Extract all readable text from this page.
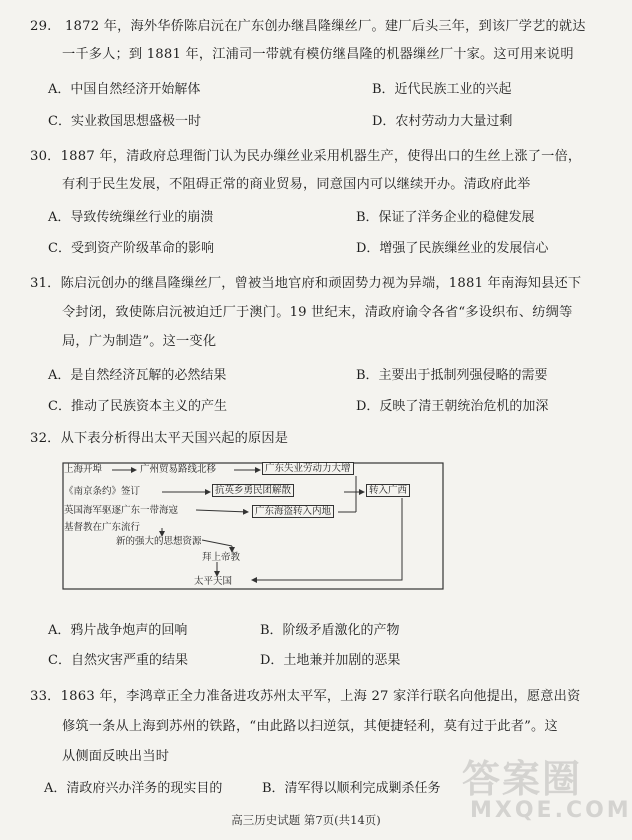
29.　1872 年，海外华侨陈启沅在广东创办继昌隆缫丝厂。建厂后头三年，到该厂学艺的就达
一千多人；到 1881 年，江浦司一带就有模仿继昌隆的机器缫丝厂十家。这可用来说明
A．中国自然经济开始解体	B．近代民族工业的兴起
C．实业救国思想盛极一时	D．农村劳动力大量过剩
30．1887 年，清政府总理衙门认为民办缫丝业采用机器生产，使得出口的生丝上涨了一倍，
有利于民生发展，不阻碍正常的商业贸易，同意国内可以继续开办。清政府此举
A．导致传统缫丝行业的崩溃	B．保证了洋务企业的稳健发展
C．受到资产阶级革命的影响	D．增强了民族缫丝业的发展信心
31．陈启沅创办的继昌隆缫丝厂，曾被当地官府和顽固势力视为异端，1881 年南海知县还下
令封闭，致使陈启沅被迫迁厂于澳门。19 世纪末，清政府谕令各省“多设织布、纺绸等
局，广为制造”。这一变化
A．是自然经济瓦解的必然结果	B．主要出于抵制列强侵略的需要
C．推动了民族资本主义的产生	D．反映了清王朝统治危机的加深
32．从下表分析得出太平天国兴起的原因是
上海开埠	广州贸易路线北移	广东失业劳动力大增
《南京条约》签订	抗英乡勇民团解散	转入广西
英国海军驱逐广东一带海寇	广东海盗转入内地
基督教在广东流行
新的强大的思想资源
拜上帝教
太平天国
A．鸦片战争炮声的回响	B．阶级矛盾激化的产物
C．自然灾害严重的结果	D．土地兼并加剧的恶果
33．1863 年，李鸿章正全力准备进攻苏州太平军，上海 27 家洋行联名向他提出，愿意出资
修筑一条从上海到苏州的铁路，“由此路以扫逆氛，其便捷轻利，莫有过于此者”。这
从侧面反映出当时
A．清政府兴办洋务的现实目的	B．清军得以顺利完成剿杀任务
高三历史试题 第7页(共14页)
答案圈
MXQE.COM
